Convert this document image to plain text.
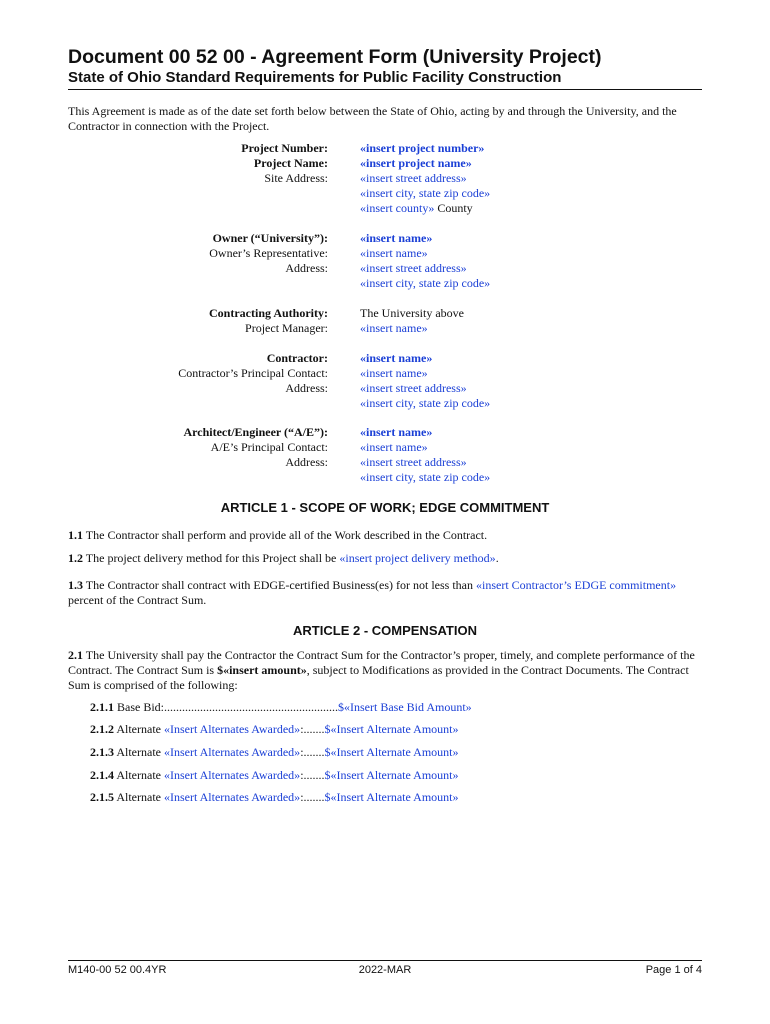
Document 00 52 00 - Agreement Form (University Project)
State of Ohio Standard Requirements for Public Facility Construction
This Agreement is made as of the date set forth below between the State of Ohio, acting by and through the University, and the Contractor in connection with the Project.
Project Number:	«insert project number»
Project Name:	«insert project name»
Site Address:	«insert street address»
«insert city, state zip code»
«insert county» County
Owner (“University”):	«insert name»
Owner’s Representative:	«insert name»
Address:	«insert street address»
«insert city, state zip code»
Contracting Authority:	The University above
Project Manager:	«insert name»
Contractor:	«insert name»
Contractor’s Principal Contact:	«insert name»
Address:	«insert street address»
«insert city, state zip code»
Architect/Engineer (“A/E”):	«insert name»
A/E’s Principal Contact:	«insert name»
Address:	«insert street address»
«insert city, state zip code»
ARTICLE 1 - SCOPE OF WORK; EDGE COMMITMENT
1.1 The Contractor shall perform and provide all of the Work described in the Contract.
1.2 The project delivery method for this Project shall be «insert project delivery method».
1.3 The Contractor shall contract with EDGE-certified Business(es) for not less than «insert Contractor’s EDGE commitment» percent of the Contract Sum.
ARTICLE 2 - COMPENSATION
2.1 The University shall pay the Contractor the Contract Sum for the Contractor’s proper, timely, and complete performance of the Contract. The Contract Sum is $«insert amount», subject to Modifications as provided in the Contract Documents. The Contract Sum is comprised of the following:
2.1.1 Base Bid:..........................................................$«Insert Base Bid Amount»
2.1.2 Alternate «Insert Alternates Awarded»:.......$«Insert Alternate Amount»
2.1.3 Alternate «Insert Alternates Awarded»:.......$«Insert Alternate Amount»
2.1.4 Alternate «Insert Alternates Awarded»:.......$«Insert Alternate Amount»
2.1.5 Alternate «Insert Alternates Awarded»:.......$«Insert Alternate Amount»
M140-00 52 00.4YR	2022-MAR	Page 1 of 4
